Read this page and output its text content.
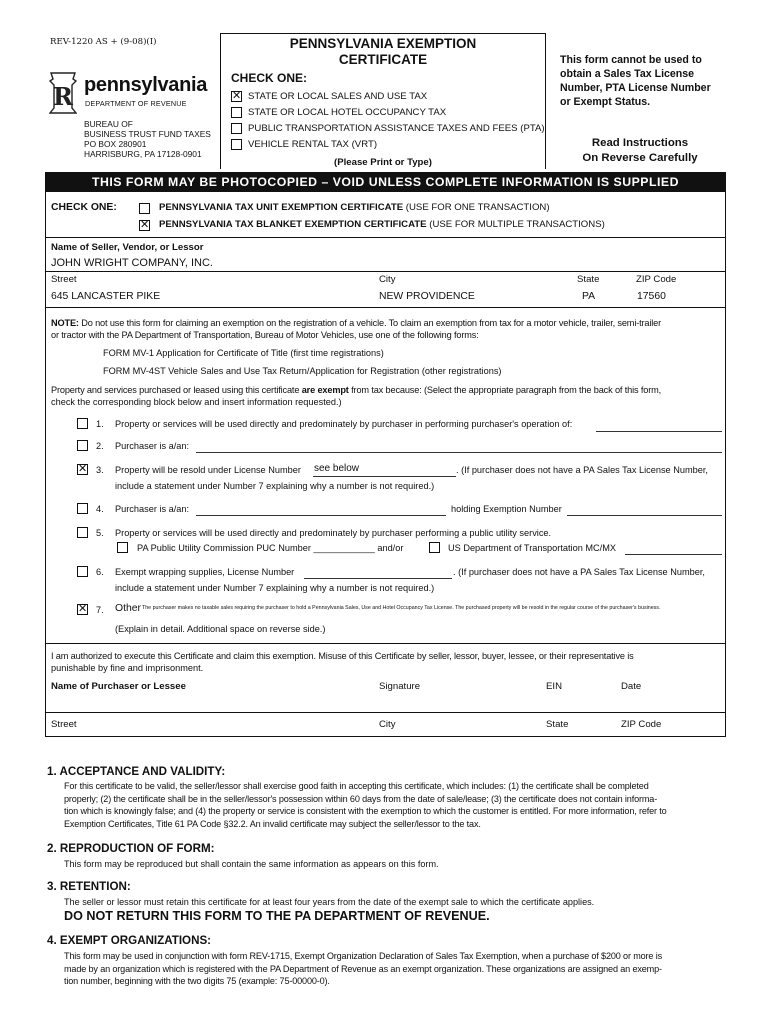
REV-1220 AS + (9-08)(I)
R pennsylvania
DEPARTMENT OF REVENUE
BUREAU OF
BUSINESS TRUST FUND TAXES
PO BOX 280901
HARRISBURG, PA 17128-0901
PENNSYLVANIA EXEMPTION
CERTIFICATE
CHECK ONE:
✕
STATE OR LOCAL SALES AND USE TAX
STATE OR LOCAL HOTEL OCCUPANCY TAX
PUBLIC TRANSPORTATION ASSISTANCE TAXES AND FEES (PTA)
VEHICLE RENTAL TAX (VRT)
(Please Print or Type)
This form cannot be used to obtain a Sales Tax License Number, PTA License Number or Exempt Status.
Read Instructions
On Reverse Carefully
THIS FORM MAY BE PHOTOCOPIED – VOID UNLESS COMPLETE INFORMATION IS SUPPLIED
CHECK ONE:	PENNSYLVANIA TAX UNIT EXEMPTION CERTIFICATE (USE FOR ONE TRANSACTION)
✕
PENNSYLVANIA TAX BLANKET EXEMPTION CERTIFICATE (USE FOR MULTIPLE TRANSACTIONS)
Name of Seller, Vendor, or Lessor
JOHN WRIGHT COMPANY, INC.
Street	City	State	ZIP Code
645 LANCASTER PIKE	NEW PROVIDENCE	PA	17560
NOTE: Do not use this form for claiming an exemption on the registration of a vehicle. To claim an exemption from tax for a motor vehicle, trailer, semi-trailer
or tractor with the PA Department of Transportation, Bureau of Motor Vehicles, use one of the following forms:
FORM MV-1 Application for Certificate of Title (first time registrations)
FORM MV-4ST Vehicle Sales and Use Tax Return/Application for Registration (other registrations)
Property and services purchased or leased using this certificate are exempt from tax because: (Select the appropriate paragraph from the back of this form,
check the corresponding block below and insert information requested.)
1. Property or services will be used directly and predominately by purchaser in performing purchaser's operation of:
2. Purchaser is a/an:
✕
3. Property will be resold under License Number see below	. (If purchaser does not have a PA Sales Tax License Number,
include a statement under Number 7 explaining why a number is not required.)
4. Purchaser is a/an:	holding Exemption Number
5. Property or services will be used directly and predominately by purchaser performing a public utility service.
PA Public Utility Commission PUC Number ____________ and/or	US Department of Transportation MC/MX
6. Exempt wrapping supplies, License Number	. (If purchaser does not have a PA Sales Tax License Number,
include a statement under Number 7 explaining why a number is not required.)
✕
7. Other The purchaser makes no taxable sales requiring the purchaser to hold a Pennsylvania Sales, Use and Hotel Occupancy Tax License. The purchased property will be resold in the regular course of the purchaser's business.
(Explain in detail. Additional space on reverse side.)
I am authorized to execute this Certificate and claim this exemption. Misuse of this Certificate by seller, lessor, buyer, lessee, or their representative is
punishable by fine and imprisonment.
Name of Purchaser or Lessee	Signature	EIN	Date
Street	City	State	ZIP Code
1. ACCEPTANCE AND VALIDITY:
For this certificate to be valid, the seller/lessor shall exercise good faith in accepting this certificate, which includes: (1) the certificate shall be completed
properly; (2) the certificate shall be in the seller/lessor's possession within 60 days from the date of sale/lease; (3) the certificate does not contain informa-
tion which is knowingly false; and (4) the property or service is consistent with the exemption to which the customer is entitled. For more information, refer to
Exemption Certificates, Title 61 PA Code §32.2. An invalid certificate may subject the seller/lessor to the tax.
2. REPRODUCTION OF FORM:
This form may be reproduced but shall contain the same information as appears on this form.
3. RETENTION:
The seller or lessor must retain this certificate for at least four years from the date of the exempt sale to which the certificate applies.
DO NOT RETURN THIS FORM TO THE PA DEPARTMENT OF REVENUE.
4. EXEMPT ORGANIZATIONS:
This form may be used in conjunction with form REV-1715, Exempt Organization Declaration of Sales Tax Exemption, when a purchase of $200 or more is
made by an organization which is registered with the PA Department of Revenue as an exempt organization. These organizations are assigned an exemp-
tion number, beginning with the two digits 75 (example: 75-00000-0).
